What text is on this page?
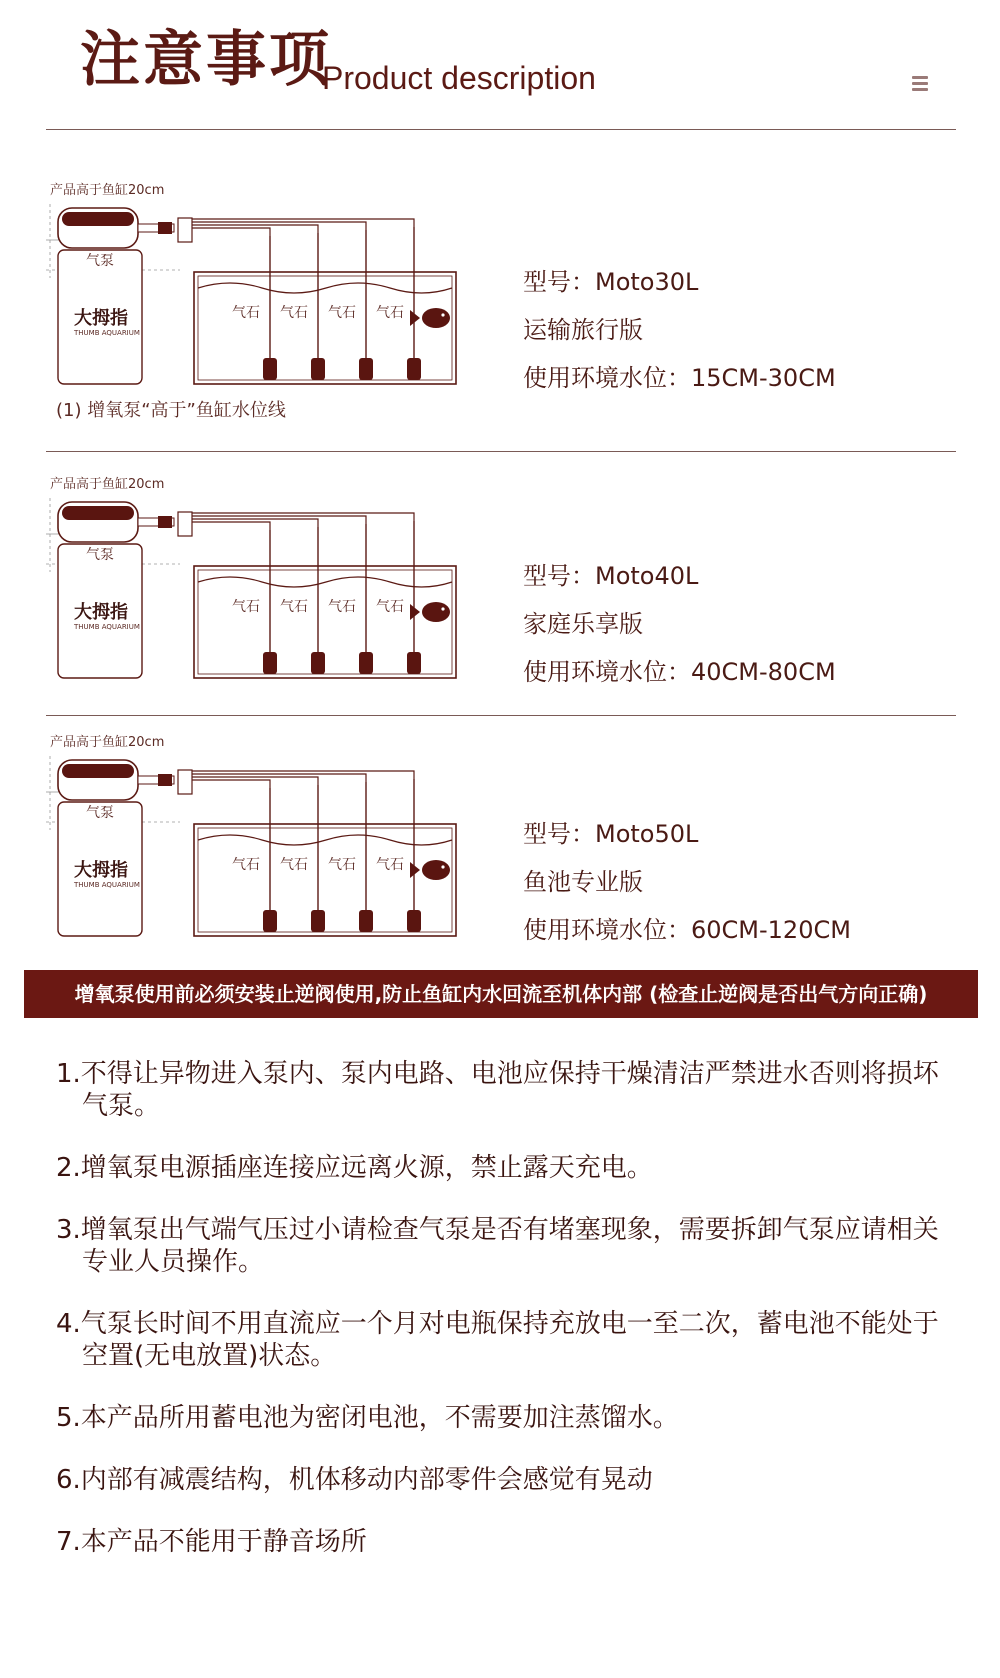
注意事项
Product description
产品高于鱼缸20cm
气泵
大拇指
THUMB AQUARIUM
气石 气石 气石 气石
(1) 增氧泵“高于”鱼缸水位线
型号：Moto30L
运输旅行版
使用环境水位：15CM-30CM
产品高于鱼缸20cm
气泵
大拇指
THUMB AQUARIUM
气石 气石 气石 气石
型号：Moto40L
家庭乐享版
使用环境水位：40CM-80CM
产品高于鱼缸20cm
气泵
大拇指
THUMB AQUARIUM
气石 气石 气石 气石
型号：Moto50L
鱼池专业版
使用环境水位：60CM-120CM
增氧泵使用前必须安装止逆阀使用,防止鱼缸内水回流至机体内部 (检查止逆阀是否出气方向正确)
1.不得让异物进入泵内、泵内电路、电池应保持干燥清洁严禁进水否则将损坏气泵。
2.增氧泵电源插座连接应远离火源，禁止露天充电。
3.增氧泵出气端气压过小请检查气泵是否有堵塞现象，需要拆卸气泵应请相关专业人员操作。
4.气泵长时间不用直流应一个月对电瓶保持充放电一至二次，蓄电池不能处于空置(无电放置)状态。
5.本产品所用蓄电池为密闭电池，不需要加注蒸馏水。
6.内部有减震结构，机体移动内部零件会感觉有晃动
7.本产品不能用于静音场所
